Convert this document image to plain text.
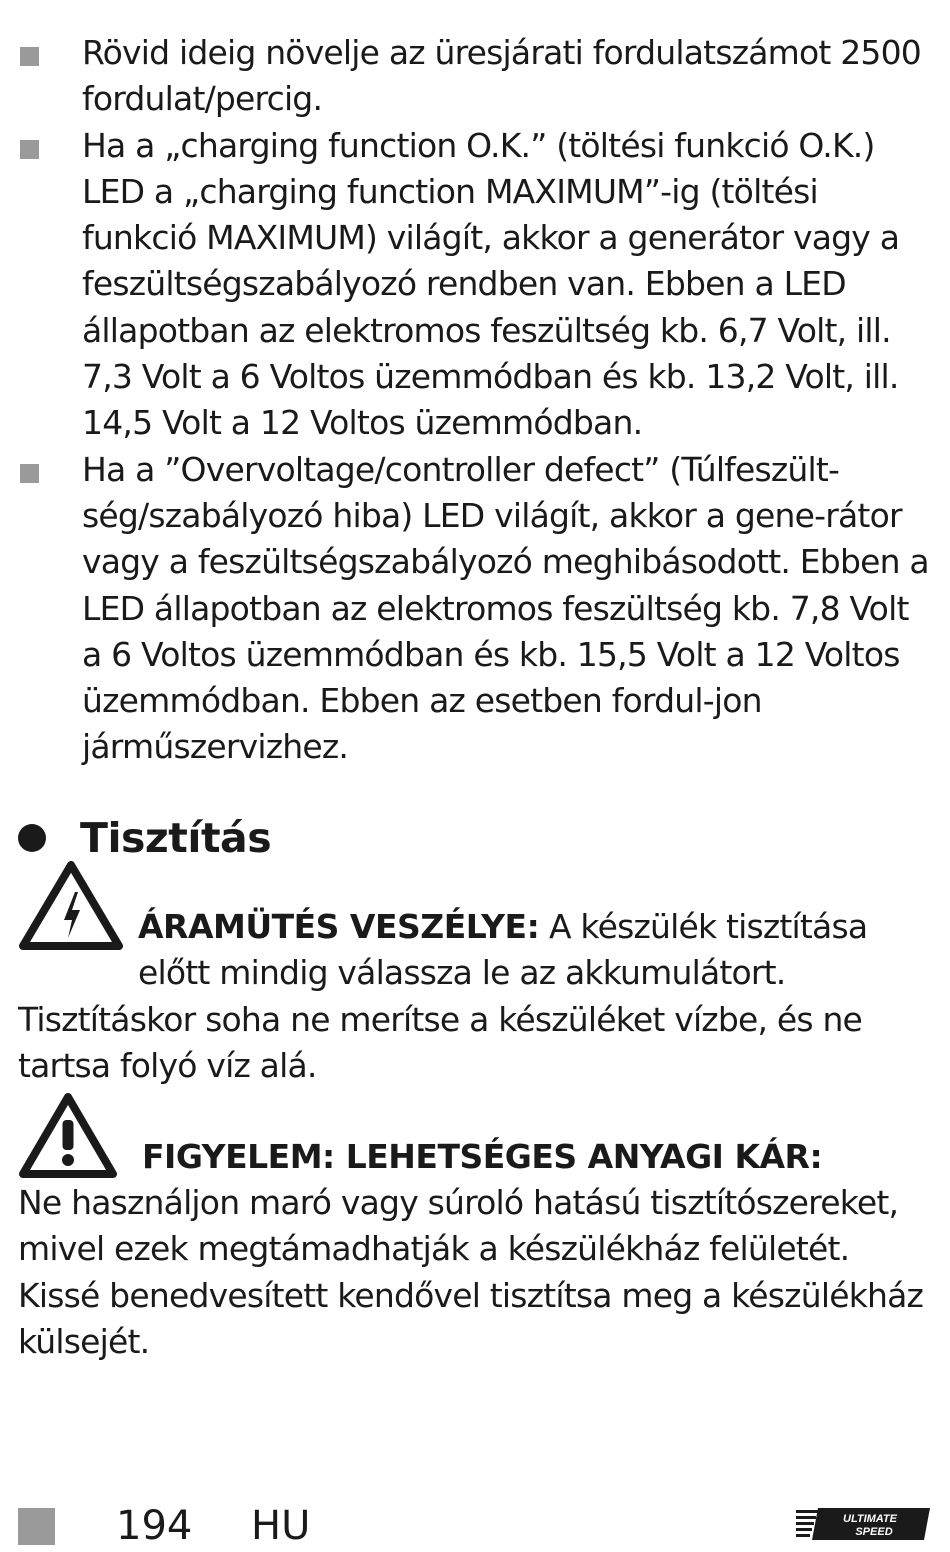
Rövid ideig növelje az üresjárati fordulatszámot 2500 fordulat/percig.
Ha a „charging function O.K.” (töltési funkció O.K.) LED a „charging function MAXIMUM”-ig (töltési funkció MAXIMUM) világít, akkor a generátor vagy a feszültségszabályozó rendben van. Ebben a LED állapotban az elektromos feszültség kb. 6,7 Volt, ill. 7,3 Volt a 6 Voltos üzemmódban és kb. 13,2 Volt, ill. 14,5 Volt a 12 Voltos üzemmódban.
Ha a ”Overvoltage/controller defect” (Túlfeszült-ség/szabályozó hiba) LED világít, akkor a gene-rátor vagy a feszültségszabályozó meghibásodott. Ebben a LED állapotban az elektromos feszültség kb. 7,8 Volt a 6 Voltos üzemmódban és kb. 15,5 Volt a 12 Voltos üzemmódban. Ebben az esetben fordul-jon járműszervizhez.
Tisztítás
ÁRAMÜTÉS VESZÉLYE: A készülék tisztítása előtt mindig válassza le az akkumulátort. Tisztításkor soha ne merítse a készüléket vízbe, és ne tartsa folyó víz alá.
FIGYELEM: LEHETSÉGES ANYAGI KÁR:
Ne használjon maró vagy súroló hatású tisztítószereket, mivel ezek megtámadhatják a készülékház felületét. Kissé benedvesített kendővel tisztítsa meg a készülékház külsejét.
194 HU	ULTIMATE
SPEED
